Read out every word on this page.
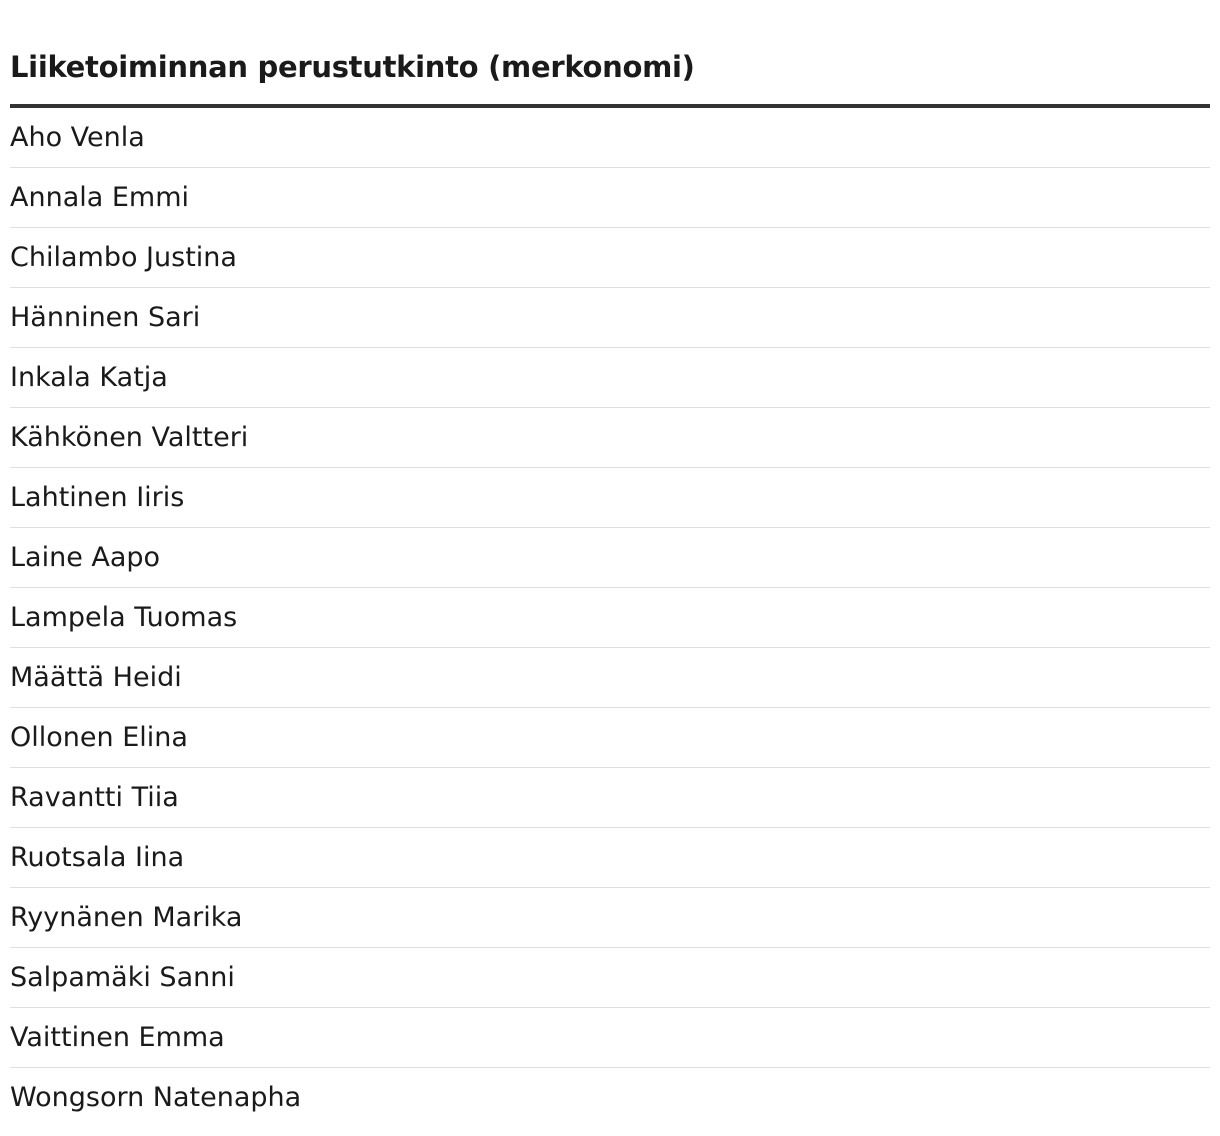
Liiketoiminnan perustutkinto (merkonomi)
Aho Venla
Annala Emmi
Chilambo Justina
Hänninen Sari
Inkala Katja
Kähkönen Valtteri
Lahtinen Iiris
Laine Aapo
Lampela Tuomas
Määttä Heidi
Ollonen Elina
Ravantti Tiia
Ruotsala Iina
Ryynänen Marika
Salpamäki Sanni
Vaittinen Emma
Wongsorn Natenapha
